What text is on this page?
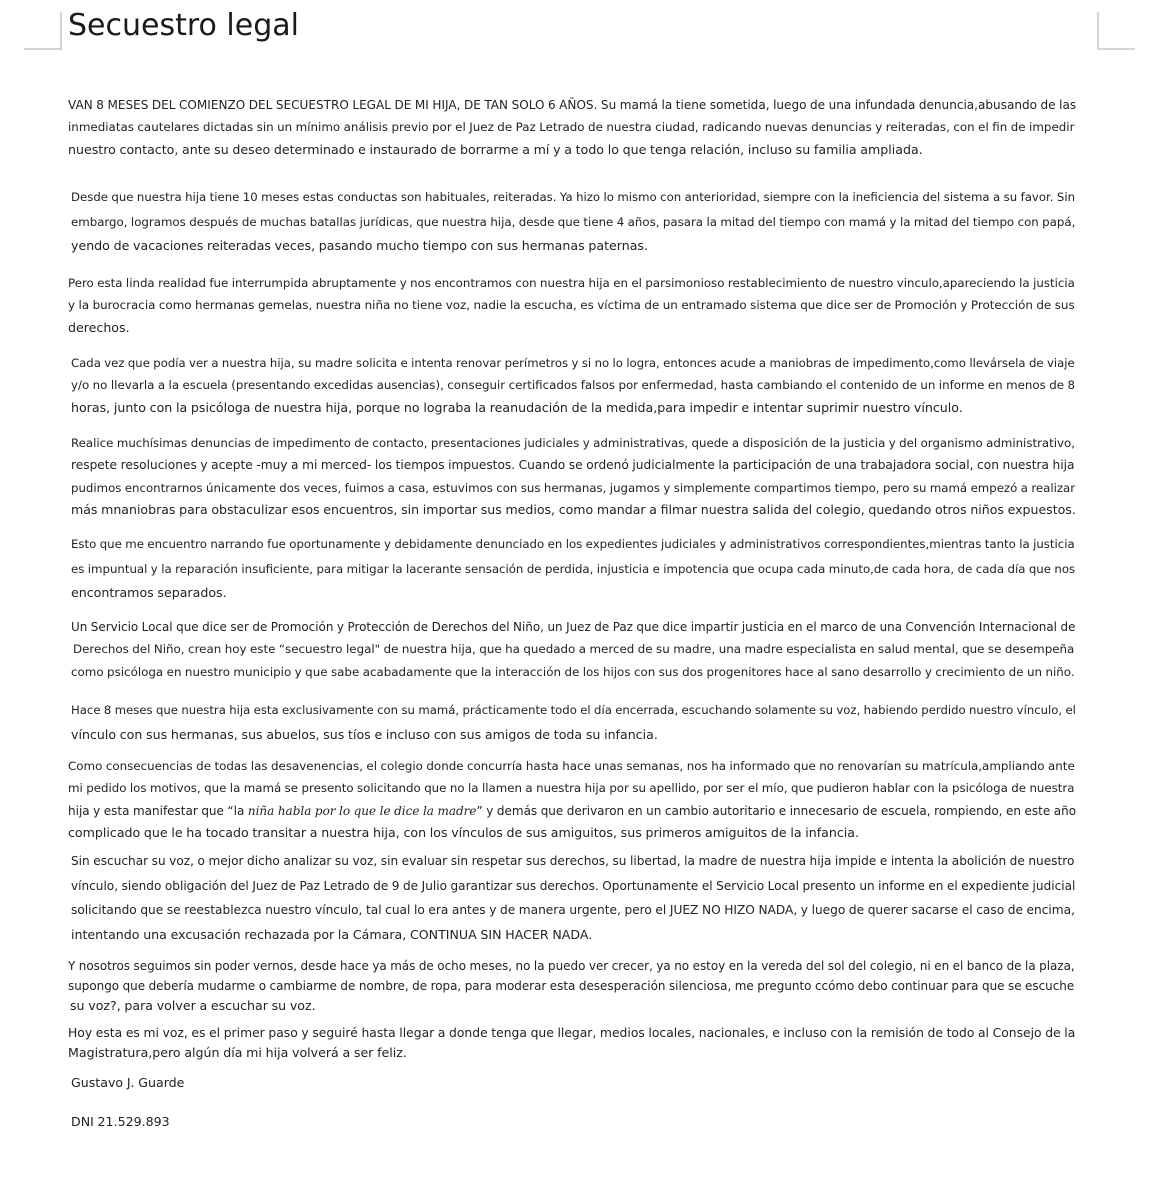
Secuestro legal

VAN 8 MESES DEL COMIENZO DEL SECUESTRO LEGAL DE MI HIJA, DE TAN SOLO 6 AÑOS. Su mamá la tiene sometida, luego de una infundada denuncia,abusando de las
inmediatas cautelares dictadas sin un mínimo análisis previo por el Juez de Paz Letrado de nuestra ciudad, radicando nuevas denuncias y reiteradas, con el fin de impedir
nuestro contacto, ante su deseo determinado e instaurado de borrarme a mí y a todo lo que tenga relación, incluso su familia ampliada.

Desde que nuestra hija tiene 10 meses estas conductas son habituales, reiteradas. Ya hizo lo mismo con anterioridad, siempre con la ineficiencia del sistema a su favor. Sin
embargo, logramos después de muchas batallas jurídicas, que nuestra hija, desde que tiene 4 años, pasara la mitad del tiempo con mamá y la mitad del tiempo con papá,
yendo de vacaciones reiteradas veces, pasando mucho tiempo con sus hermanas paternas.

Pero esta linda realidad fue interrumpida abruptamente y nos encontramos con nuestra hija en el parsimonioso restablecimiento de nuestro vinculo,apareciendo la justicia
y la burocracia como hermanas gemelas, nuestra niña no tiene voz, nadie la escucha, es víctima de un entramado sistema que dice ser de Promoción y Protección de sus
derechos.

Cada vez que podía ver a nuestra hija, su madre solicita e intenta renovar perímetros y si no lo logra, entonces acude a maniobras de impedimento,como llevársela de viaje
y/o no llevarla a la escuela (presentando excedidas ausencias), conseguir certificados falsos por enfermedad, hasta cambiando el contenido de un informe en menos de 8
horas, junto con la psicóloga de nuestra hija, porque no lograba la reanudación de la medida,para impedir e intentar suprimir nuestro vínculo.

Realice muchísimas denuncias de impedimento de contacto, presentaciones judiciales y administrativas, quede a disposición de la justicia y del organismo administrativo,
respete resoluciones y acepte -muy a mi merced- los tiempos impuestos. Cuando se ordenó judicialmente la participación de una trabajadora social, con nuestra hija
pudimos encontrarnos únicamente dos veces, fuimos a casa, estuvimos con sus hermanas, jugamos y simplemente compartimos tiempo, pero su mamá empezó a realizar
más mnaniobras para obstaculizar esos encuentros, sin importar sus medios, como mandar a filmar nuestra salida del colegio, quedando otros niños expuestos.

Esto que me encuentro narrando fue oportunamente y debidamente denunciado en los expedientes judiciales y administrativos correspondientes,mientras tanto la justicia
es impuntual y la reparación insuficiente, para mitigar la lacerante sensación de perdida, injusticia e impotencia que ocupa cada minuto,de cada hora, de cada día que nos
encontramos separados.

Un Servicio Local que dice ser de Promoción y Protección de Derechos del Niño, un Juez de Paz que dice impartir justicia en el marco de una Convención Internacional de
Derechos del Niño, crean hoy este “secuestro legal" de nuestra hija, que ha quedado a merced de su madre, una madre especialista en salud mental, que se desempeña
como psicóloga en nuestro municipio y que sabe acabadamente que la interacción de los hijos con sus dos progenitores hace al sano desarrollo y crecimiento de un niño.

Hace 8 meses que nuestra hija esta exclusivamente con su mamá, prácticamente todo el día encerrada, escuchando solamente su voz, habiendo perdido nuestro vínculo, el
vínculo con sus hermanas, sus abuelos, sus tíos e incluso con sus amigos de toda su infancia.

Como consecuencias de todas las desavenencias, el colegio donde concurría hasta hace unas semanas, nos ha informado que no renovarían su matrícula,ampliando ante
mi pedido los motivos, que la mamá se presento solicitando que no la llamen a nuestra hija por su apellido, por ser el mío, que pudieron hablar con la psicóloga de nuestra
hija y esta manifestar que “la niña habla por lo que le dice la madre” y demás que derivaron en un cambio autoritario e innecesario de escuela, rompiendo, en este año
complicado que le ha tocado transitar a nuestra hija, con los vínculos de sus amiguitos, sus primeros amiguitos de la infancia.

Sin escuchar su voz, o mejor dicho analizar su voz, sin evaluar sin respetar sus derechos, su libertad, la madre de nuestra hija impide e intenta la abolición de nuestro
vínculo, siendo obligación del Juez de Paz Letrado de 9 de Julio garantizar sus derechos. Oportunamente el Servicio Local presento un informe en el expediente judicial
solicitando que se reestablezca nuestro vínculo, tal cual lo era antes y de manera urgente, pero el JUEZ NO HIZO NADA, y luego de querer sacarse el caso de encima,
intentando una excusación rechazada por la Cámara, CONTINUA SIN HACER NADA.

Y nosotros seguimos sin poder vernos, desde hace ya más de ocho meses, no la puedo ver crecer, ya no estoy en la vereda del sol del colegio, ni en el banco de la plaza,
supongo que debería mudarme o cambiarme de nombre, de ropa, para moderar esta desesperación silenciosa, me pregunto ccómo debo continuar para que se escuche
su voz?, para volver a escuchar su voz.

Hoy esta es mi voz, es el primer paso y seguiré hasta llegar a donde tenga que llegar, medios locales, nacionales, e incluso con la remisión de todo al Consejo de la
Magistratura,pero algún día mi hija volverá a ser feliz.

Gustavo J. Guarde

DNI 21.529.893
